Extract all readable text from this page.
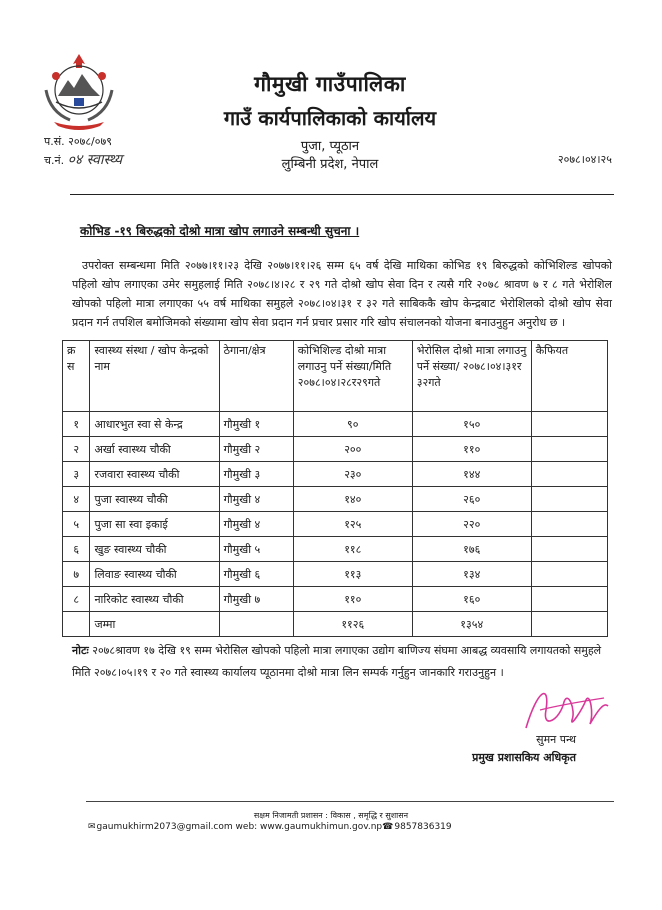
गौमुखी गाउँपालिका
गाउँ कार्यपालिकाको कार्यालय
पुजा, प्यूठान
लुम्बिनी प्रदेश, नेपाल
प.सं. २०७८/०७९
च.नं. ०४ स्वास्थ्य	२०७८।०४।२५
कोभिड -१९ बिरुद्धको दोश्रो मात्रा खोप लगाउने सम्बन्धी सुचना ।
उपरोक्त सम्बन्धमा मिति २०७७।११।२३ देखि २०७७।११।२६ सम्म ६५ वर्ष देखि माथिका कोभिड १९ बिरुद्धको कोभिशिल्ड खोपको पहिलो खोप लगाएका उमेर समुहलाई मिति २०७८।४।२८ र २९ गते दोश्रो खोप सेवा दिन र त्यसै गरि २०७८ श्रावण ७ र ८ गते भेरोशिल खोपको पहिलो मात्रा लगाएका ५५ वर्ष माथिका समुहले २०७८।०४।३१ र ३२ गते साबिककै खोप केन्द्रबाट भेरोशिलको दोश्रो खोप सेवा प्रदान गर्न तपशिल बमोजिमको संख्यामा खोप सेवा प्रदान गर्न प्रचार प्रसार गरि खोप संचालनको योजना बनाउनुहुन अनुरोध छ ।
क्र स	स्वास्थ्य संस्था / खोप केन्द्रको नाम	ठेगाना/क्षेत्र	कोभिशिल्ड दोश्रो मात्रा लगाउनु पर्ने संख्या/मिति २०७८।०४।२८र२९गते	भेरोसिल दोश्रो मात्रा लगाउनु पर्ने संख्या/ २०७८।०४।३१र ३२गते	कैफियत
१	आधारभुत स्वा से केन्द्र	गौमुखी १	९०	१५०	
२	अर्खा स्वास्थ्य चौकी	गौमुखी २	२००	११०	
३	रजवारा स्वास्थ्य चौकी	गौमुखी ३	२३०	१४४	
४	पुजा स्वास्थ्य चौकी	गौमुखी ४	१४०	२६०	
५	पुजा सा स्वा इकाई	गौमुखी ४	१२५	२२०	
६	खुङ स्वास्थ्य चौकी	गौमुखी ५	११८	१७६	
७	लिवाङ स्वास्थ्य चौकी	गौमुखी ६	११३	१३४	
८	नारिकोट स्वास्थ्य चौकी	गौमुखी ७	११०	१६०	
	जम्मा		११२६	१३५४	
नोटः २०७८श्रावण १७ देखि १९ सम्म भेरोसिल खोपको पहिलो मात्रा लगाएका उद्योग बाणिज्य संघमा आबद्ध व्यवसायि लगायतको समुहले मिति २०७८।०५।१९ र २० गते स्वास्थ्य कार्यालय प्यूठानमा दोश्रो मात्रा लिन सम्पर्क गर्नुहुन जानकारि गराउनुहुन ।
सुमन पन्थ
प्रमुख प्रशासकिय अधिकृत
सक्षम निजामती प्रशासन : विकास , समृद्धि र सुशासन
✉gaumukhirm2073@gmail.com web: www.gaumukhimun.gov.np☎9857836319
